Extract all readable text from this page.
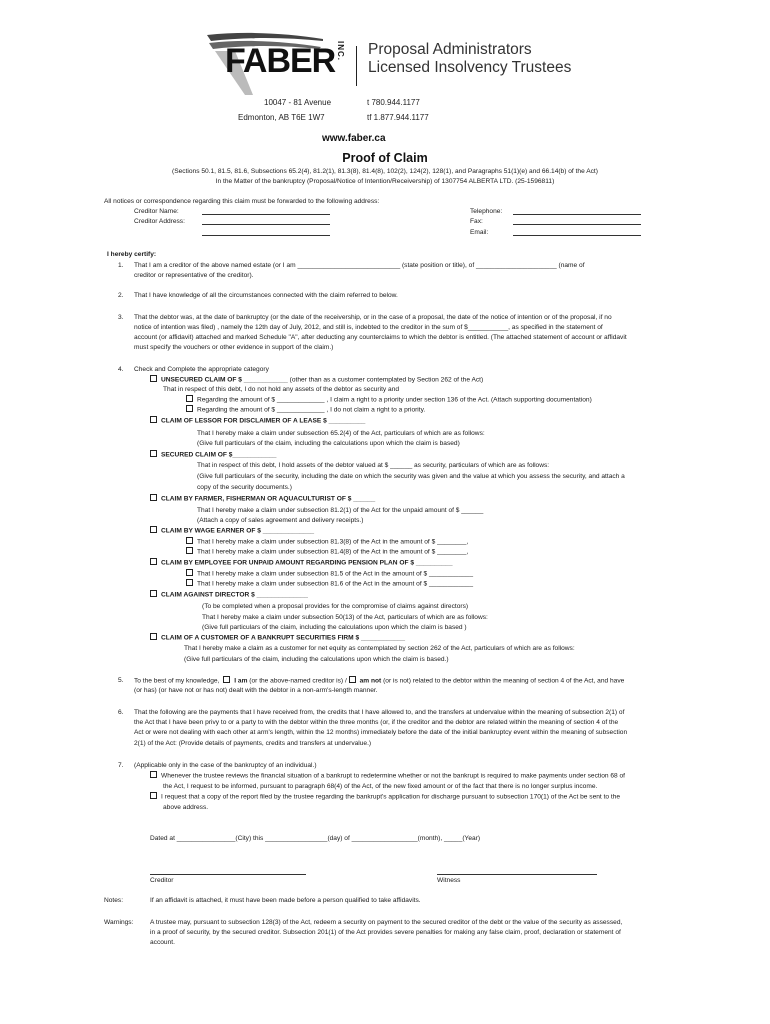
FABER INC. Proposal Administrators
Licensed Insolvency Trustees
10047 - 81 Avenue
Edmonton, AB T6E 1W7
t 780.944.1177
tf 1.877.944.1177
www.faber.ca
Proof of Claim
(Sections 50.1, 81.5, 81.6, Subsections 65.2(4), 81.2(1), 81.3(8), 81.4(8), 102(2), 124(2), 128(1), and Paragraphs 51(1)(e) and 66.14(b) of the Act)
In the Matter of the bankruptcy (Proposal/Notice of Intention/Receivership) of 1307754 ALBERTA LTD. (25-1596811)
All notices or correspondence regarding this claim must be forwarded to the following address:
Creditor Name:
Creditor Address:
Telephone:
Fax:
Email:
I hereby certify:
1. That I am a creditor of the above named estate (or I am ____________________________ (state position or title), of ______________________ (name of
creditor or representative of the creditor).
2. That I have knowledge of all the circumstances connected with the claim referred to below.
3. That the debtor was, at the date of bankruptcy (or the date of the receivership, or in the case of a proposal, the date of the notice of intention or of the proposal, if no
notice of intention was filed) , namely the 12th day of July, 2012, and still is, indebted to the creditor in the sum of $___________, as specified in the statement of
account (or affidavit) attached and marked Schedule "A", after deducting any counterclaims to which the debtor is entitled. (The attached statement of account or affidavit
must specify the vouchers or other evidence in support of the claim.)
4. Check and Complete the appropriate category
UNSECURED CLAIM OF $ ____________ (other than as a customer contemplated by Section 262 of the Act)
That in respect of this debt, I do not hold any assets of the debtor as security and
Regarding the amount of $ _____________ , I claim a right to a priority under section 136 of the Act. (Attach supporting documentation)
Regarding the amount of $ _____________ , I do not claim a right to a priority.
CLAIM OF LESSOR FOR DISCLAIMER OF A LEASE $ __________
That I hereby make a claim under subsection 65.2(4) of the Act, particulars of which are as follows:
(Give full particulars of the claim, including the calculations upon which the claim is based)
SECURED CLAIM OF $____________
That in respect of this debt, I hold assets of the debtor valued at $ ______ as security, particulars of which are as follows:
(Give full particulars of the security, including the date on which the security was given and the value at which you assess the security, and attach a
copy of the security documents.)
CLAIM BY FARMER, FISHERMAN OR AQUACULTURIST OF $ ______
That I hereby make a claim under subsection 81.2(1) of the Act for the unpaid amount of $ ______
(Attach a copy of sales agreement and delivery receipts.)
CLAIM BY WAGE EARNER OF $ ______________
That I hereby make a claim under subsection 81.3(8) of the Act in the amount of $ ________,
That I hereby make a claim under subsection 81.4(8) of the Act in the amount of $ ________,
CLAIM BY EMPLOYEE FOR UNPAID AMOUNT REGARDING PENSION PLAN OF $ __________
That I hereby make a claim under subsection 81.5 of the Act in the amount of $ ____________
That I hereby make a claim under subsection 81.6 of the Act in the amount of $ ____________
CLAIM AGAINST DIRECTOR $ ______________
(To be completed when a proposal provides for the compromise of claims against directors)
That I hereby make a claim under subsection 50(13) of the Act, particulars of which are as follows:
(Give full particulars of the claim, including the calculations upon which the claim is based )
CLAIM OF A CUSTOMER OF A BANKRUPT SECURITIES FIRM $ ____________
That I hereby make a claim as a customer for net equity as contemplated by section 262 of the Act, particulars of which are as follows:
(Give full particulars of the claim, including the calculations upon which the claim is based.)
5. To the best of my knowledge, I am (or the above-named creditor is) / am not (or is not) related to the debtor within the meaning of section 4 of the Act, and have
(or has) (or have not or has not) dealt with the debtor in a non-arm's-length manner.
6. That the following are the payments that I have received from, the credits that I have allowed to, and the transfers at undervalue within the meaning of subsection 2(1) of
the Act that I have been privy to or a party to with the debtor within the three months (or, if the creditor and the debtor are related within the meaning of section 4 of the
Act or were not dealing with each other at arm's length, within the 12 months) immediately before the date of the initial bankruptcy event within the meaning of subsection
2(1) of the Act: (Provide details of payments, credits and transfers at undervalue.)
7. (Applicable only in the case of the bankruptcy of an individual.)
Whenever the trustee reviews the financial situation of a bankrupt to redetermine whether or not the bankrupt is required to make payments under section 68 of
the Act, I request to be informed, pursuant to paragraph 68(4) of the Act, of the new fixed amount or of the fact that there is no longer surplus income.
I request that a copy of the report filed by the trustee regarding the bankrupt's application for discharge pursuant to subsection 170(1) of the Act be sent to the
above address.
Dated at ________________(City) this _________________(day) of __________________(month), _____(Year)
Creditor	Witness
Notes:	If an affidavit is attached, it must have been made before a person qualified to take affidavits.
Warnings:	A trustee may, pursuant to subsection 128(3) of the Act, redeem a security on payment to the secured creditor of the debt or the value of the security as assessed,
in a proof of security, by the secured creditor. Subsection 201(1) of the Act provides severe penalties for making any false claim, proof, declaration or statement of
account.
